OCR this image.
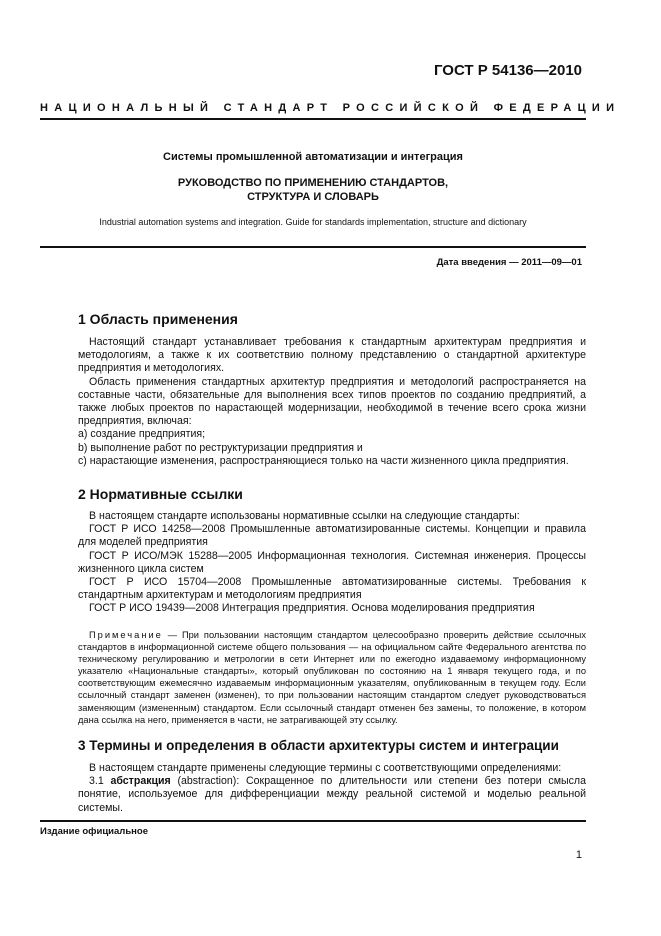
ГОСТ Р 54136—2010
НАЦИОНАЛЬНЫЙ СТАНДАРТ РОССИЙСКОЙ ФЕДЕРАЦИИ
Системы промышленной автоматизации и интеграция
РУКОВОДСТВО ПО ПРИМЕНЕНИЮ СТАНДАРТОВ,
СТРУКТУРА И СЛОВАРЬ
Industrial automation systems and integration. Guide for standards implementation, structure and dictionary
Дата введения — 2011—09—01
1 Область применения

Настоящий стандарт устанавливает требования к стандартным архитектурам предприятия и методологиям, а также к их соответствию полному представлению о стандартной архитектуре предприятия и методологиях.

Область применения стандартных архитектур предприятия и методологий распространяется на составные части, обязательные для выполнения всех типов проектов по созданию предприятий, а также любых проектов по нарастающей модернизации, необходимой в течение всего срока жизни предприятия, включая:

a) создание предприятия;
b) выполнение работ по реструктуризации предприятия и
c) нарастающие изменения, распространяющиеся только на части жизненного цикла предприятия.
2 Нормативные ссылки

В настоящем стандарте использованы нормативные ссылки на следующие стандарты:

ГОСТ Р ИСО 14258—2008 Промышленные автоматизированные системы. Концепции и правила для моделей предприятия

ГОСТ Р ИСО/МЭК 15288—2005 Информационная технология. Системная инженерия. Процессы жизненного цикла систем

ГОСТ Р ИСО 15704—2008 Промышленные автоматизированные системы. Требования к стандартным архитектурам и методологиям предприятия

ГОСТ Р ИСО 19439—2008 Интеграция предприятия. Основа моделирования предприятия

Примечание — При пользовании настоящим стандартом целесообразно проверить действие ссылочных стандартов в информационной системе общего пользования — на официальном сайте Федерального агентства по техническому регулированию и метрологии в сети Интернет или по ежегодно издаваемому информационному указателю «Национальные стандарты», который опубликован по состоянию на 1 января текущего года, и по соответствующим ежемесячно издаваемым информационным указателям, опубликованным в текущем году. Если ссылочный стандарт заменен (изменен), то при пользовании настоящим стандартом следует руководствоваться заменяющим (измененным) стандартом. Если ссылочный стандарт отменен без замены, то положение, в котором дана ссылка на него, применяется в части, не затрагивающей эту ссылку.

3 Термины и определения в области архитектуры систем и интеграции

В настоящем стандарте применены следующие термины с соответствующими определениями:

3.1 абстракция (abstraction): Сокращенное по длительности или степени без потери смысла понятие, используемое для дифференциации между реальной системой и моделью реальной системы.

Издание официальное
1
